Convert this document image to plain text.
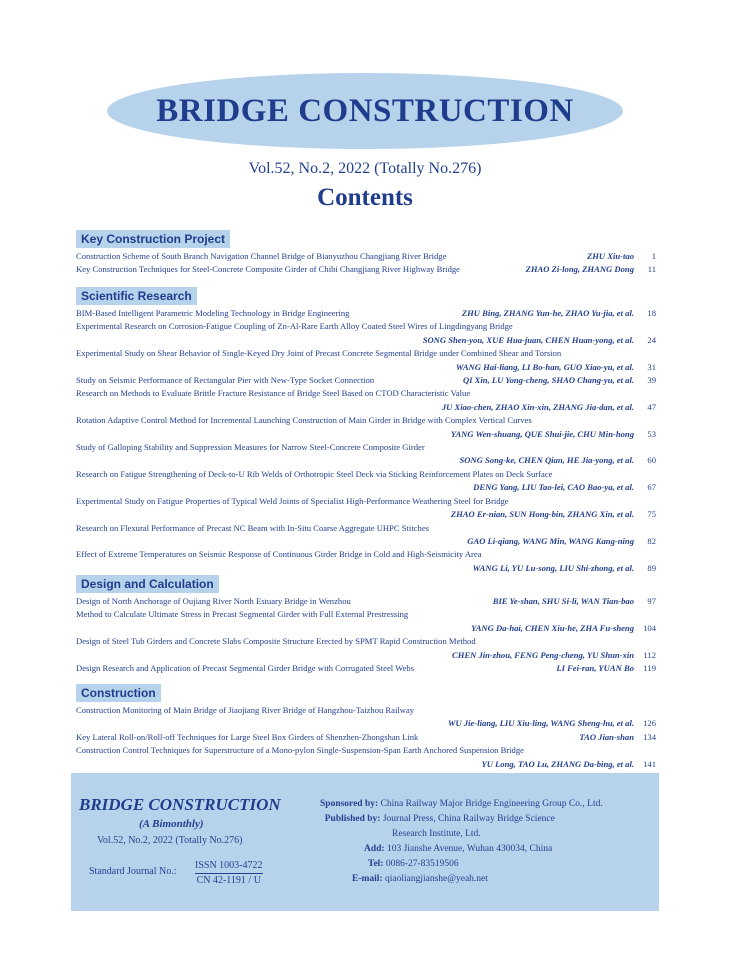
BRIDGE CONSTRUCTION
Vol.52, No.2, 2022 (Totally No.276)
Contents
Key Construction Project
Construction Scheme of South Branch Navigation Channel Bridge of Bianyuzhou Changjiang River Bridge	ZHU Xiu-tao 1
Key Construction Techniques for Steel-Concrete Composite Girder of Chibi Changjiang River Highway Bridge	ZHAO Zi-long, ZHANG Dong 11
Scientific Research
BIM-Based Intelligent Parametric Modeling Technology in Bridge Engineering	ZHU Bing, ZHANG Yun-he, ZHAO Yu-jia, et al. 18
Experimental Research on Corrosion-Fatigue Coupling of Zn-Al-Rare Earth Alloy Coated Steel Wires of Lingdingyang Bridge
SONG Shen-you, XUE Hua-juan, CHEN Huan-yong, et al.	24
Experimental Study on Shear Behavior of Single-Keyed Dry Joint of Precast Concrete Segmental Bridge under Combined Shear and Torsion
WANG Hai-liang, LI Bo-han, GUO Xiao-yu, et al.	31
Study on Seismic Performance of Rectangular Pier with New-Type Socket Connection	QI Xin, LU Yong-cheng, SHAO Chang-yu, et al. 39
Research on Methods to Evaluate Brittle Fracture Resistance of Bridge Steel Based on CTOD Characteristic Value
JU Xiao-chen, ZHAO Xin-xin, ZHANG Jia-dan, et al.	47
Rotation Adaptive Control Method for Incremental Launching Construction of Main Girder in Bridge with Complex Vertical Curves
YANG Wen-shuang, QUE Shui-jie, CHU Min-hong	53
Study of Galloping Stability and Suppression Measures for Narrow Steel-Concrete Composite Girder
SONG Song-ke, CHEN Qian, HE Jia-yong, et al.	60
Research on Fatigue Strengthening of Deck-to-U Rib Welds of Orthotropic Steel Deck via Sticking Reinforcement Plates on Deck Surface
DENG Yang, LIU Tao-lei, CAO Bao-ya, et al.	67
Experimental Study on Fatigue Properties of Typical Weld Joints of Specialist High-Performance Weathering Steel for Bridge
ZHAO Er-nian, SUN Hong-bin, ZHANG Xin, et al.	75
Research on Flexural Performance of Precast NC Beam with In-Situ Coarse Aggregate UHPC Stitches
GAO Li-qiang, WANG Min, WANG Kang-ning	82
Effect of Extreme Temperatures on Seismic Response of Continuous Girder Bridge in Cold and High-Seismicity Area
WANG Li, YU Lu-song, LIU Shi-zhong, et al.	89
Design and Calculation
Design of North Anchorage of Oujiang River North Estuary Bridge in Wenzhou	BIE Ye-shan, SHU Si-li, WAN Tian-bao 97
Method to Calculate Ultimate Stress in Precast Segmental Girder with Full External Prestressing
YANG Da-hai, CHEN Xiu-he, ZHA Fu-sheng	104
Design of Steel Tub Girders and Concrete Slabs Composite Structure Erected by SPMT Rapid Construction Method
CHEN Jin-zhou, FENG Peng-cheng, YU Shun-xin	112
Design Research and Application of Precast Segmental Girder Bridge with Corrugated Steel Webs	LI Fei-ran, YUAN Bo 119
Construction
Construction Monitoring of Main Bridge of Jiaojiang River Bridge of Hangzhou-Taizhou Railway
WU Jie-liang, LIU Xiu-ling, WANG Sheng-hu, et al.	126
Key Lateral Roll-on/Roll-off Techniques for Large Steel Box Girders of Shenzhen-Zhongshan Link	TAO Jian-shan 134
Construction Control Techniques for Superstructure of a Mono-pylon Single-Suspension-Span Earth Anchored Suspension Bridge
YU Long, TAO Lu, ZHANG Da-bing, et al.	141
BRIDGE CONSTRUCTION
(A Bimonthly)
Vol.52, No.2, 2022 (Totally No.276)
Standard Journal No.:
ISSN 1003-4722
CN 42-1191 / U
Sponsored by: China Railway Major Bridge Engineering Group Co., Ltd.
Published by: Journal Press, China Railway Bridge Science
Research Institute, Ltd.
Add: 103 Jianshe Avenue, Wuhan 430034, China
Tel: 0086-27-83519506
E-mail: qiaoliangjianshe@yeah.net
